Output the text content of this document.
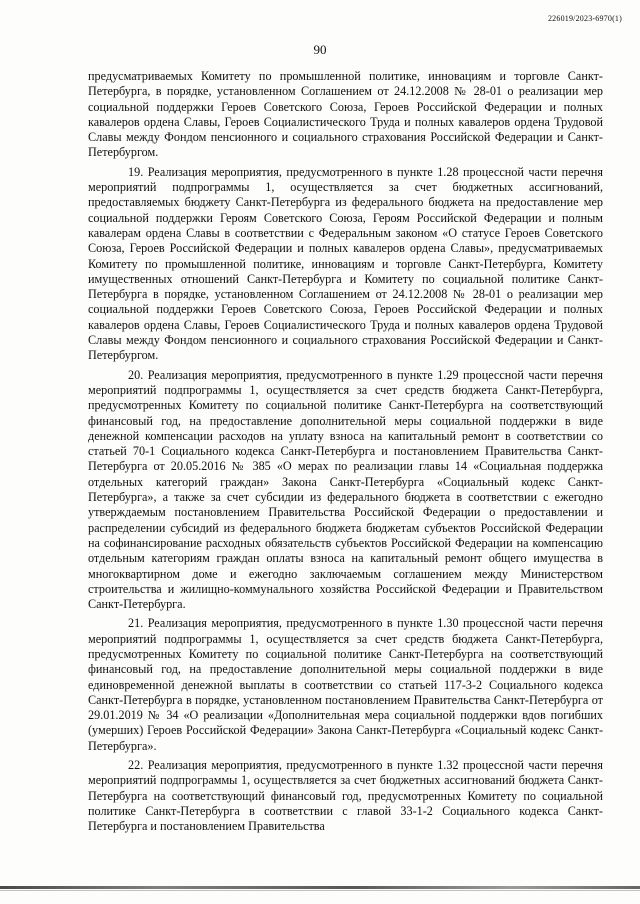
226019/2023-6970(1)
90

предусматриваемых Комитету по промышленной политике, инновациям и торговле Санкт-Петербурга, в порядке, установленном Соглашением от 24.12.2008 № 28-01 о реализации мер социальной поддержки Героев Советского Союза, Героев Российской Федерации и полных кавалеров ордена Славы, Героев Социалистического Труда и полных кавалеров ордена Трудовой Славы между Фондом пенсионного и социального страхования Российской Федерации и Санкт-Петербургом.

19. Реализация мероприятия, предусмотренного в пункте 1.28 процессной части перечня мероприятий подпрограммы 1, осуществляется за счет бюджетных ассигнований, предоставляемых бюджету Санкт-Петербурга из федерального бюджета на предоставление мер социальной поддержки Героям Советского Союза, Героям Российской Федерации и полным кавалерам ордена Славы в соответствии с Федеральным законом «О статусе Героев Советского Союза, Героев Российской Федерации и полных кавалеров ордена Славы», предусматриваемых Комитету по промышленной политике, инновациям и торговле Санкт-Петербурга, Комитету имущественных отношений Санкт-Петербурга и Комитету по социальной политике Санкт-Петербурга в порядке, установленном Соглашением от 24.12.2008 № 28-01 о реализации мер социальной поддержки Героев Советского Союза, Героев Российской Федерации и полных кавалеров ордена Славы, Героев Социалистического Труда и полных кавалеров ордена Трудовой Славы между Фондом пенсионного и социального страхования Российской Федерации и Санкт-Петербургом.

20. Реализация мероприятия, предусмотренного в пункте 1.29 процессной части перечня мероприятий подпрограммы 1, осуществляется за счет средств бюджета Санкт-Петербурга, предусмотренных Комитету по социальной политике Санкт-Петербурга на соответствующий финансовый год, на предоставление дополнительной меры социальной поддержки в виде денежной компенсации расходов на уплату взноса на капитальный ремонт в соответствии со статьей 70-1 Социального кодекса Санкт-Петербурга и постановлением Правительства Санкт-Петербурга от 20.05.2016 № 385 «О мерах по реализации главы 14 «Социальная поддержка отдельных категорий граждан» Закона Санкт-Петербурга «Социальный кодекс Санкт-Петербурга», а также за счет субсидии из федерального бюджета в соответствии с ежегодно утверждаемым постановлением Правительства Российской Федерации о предоставлении и распределении субсидий из федерального бюджета бюджетам субъектов Российской Федерации на софинансирование расходных обязательств субъектов Российской Федерации на компенсацию отдельным категориям граждан оплаты взноса на капитальный ремонт общего имущества в многоквартирном доме и ежегодно заключаемым соглашением между Министерством строительства и жилищно-коммунального хозяйства Российской Федерации и Правительством Санкт-Петербурга.

21. Реализация мероприятия, предусмотренного в пункте 1.30 процессной части перечня мероприятий подпрограммы 1, осуществляется за счет средств бюджета Санкт-Петербурга, предусмотренных Комитету по социальной политике Санкт-Петербурга на соответствующий финансовый год, на предоставление дополнительной меры социальной поддержки в виде единовременной денежной выплаты в соответствии со статьей 117-3-2 Социального кодекса Санкт-Петербурга в порядке, установленном постановлением Правительства Санкт-Петербурга от 29.01.2019 № 34 «О реализации «Дополнительная мера социальной поддержки вдов погибших (умерших) Героев Российской Федерации» Закона Санкт-Петербурга «Социальный кодекс Санкт-Петербурга».

22. Реализация мероприятия, предусмотренного в пункте 1.32 процессной части перечня мероприятий подпрограммы 1, осуществляется за счет бюджетных ассигнований бюджета Санкт-Петербурга на соответствующий финансовый год, предусмотренных Комитету по социальной политике Санкт-Петербурга в соответствии с главой 33-1-2 Социального кодекса Санкт-Петербурга и постановлением Правительства
